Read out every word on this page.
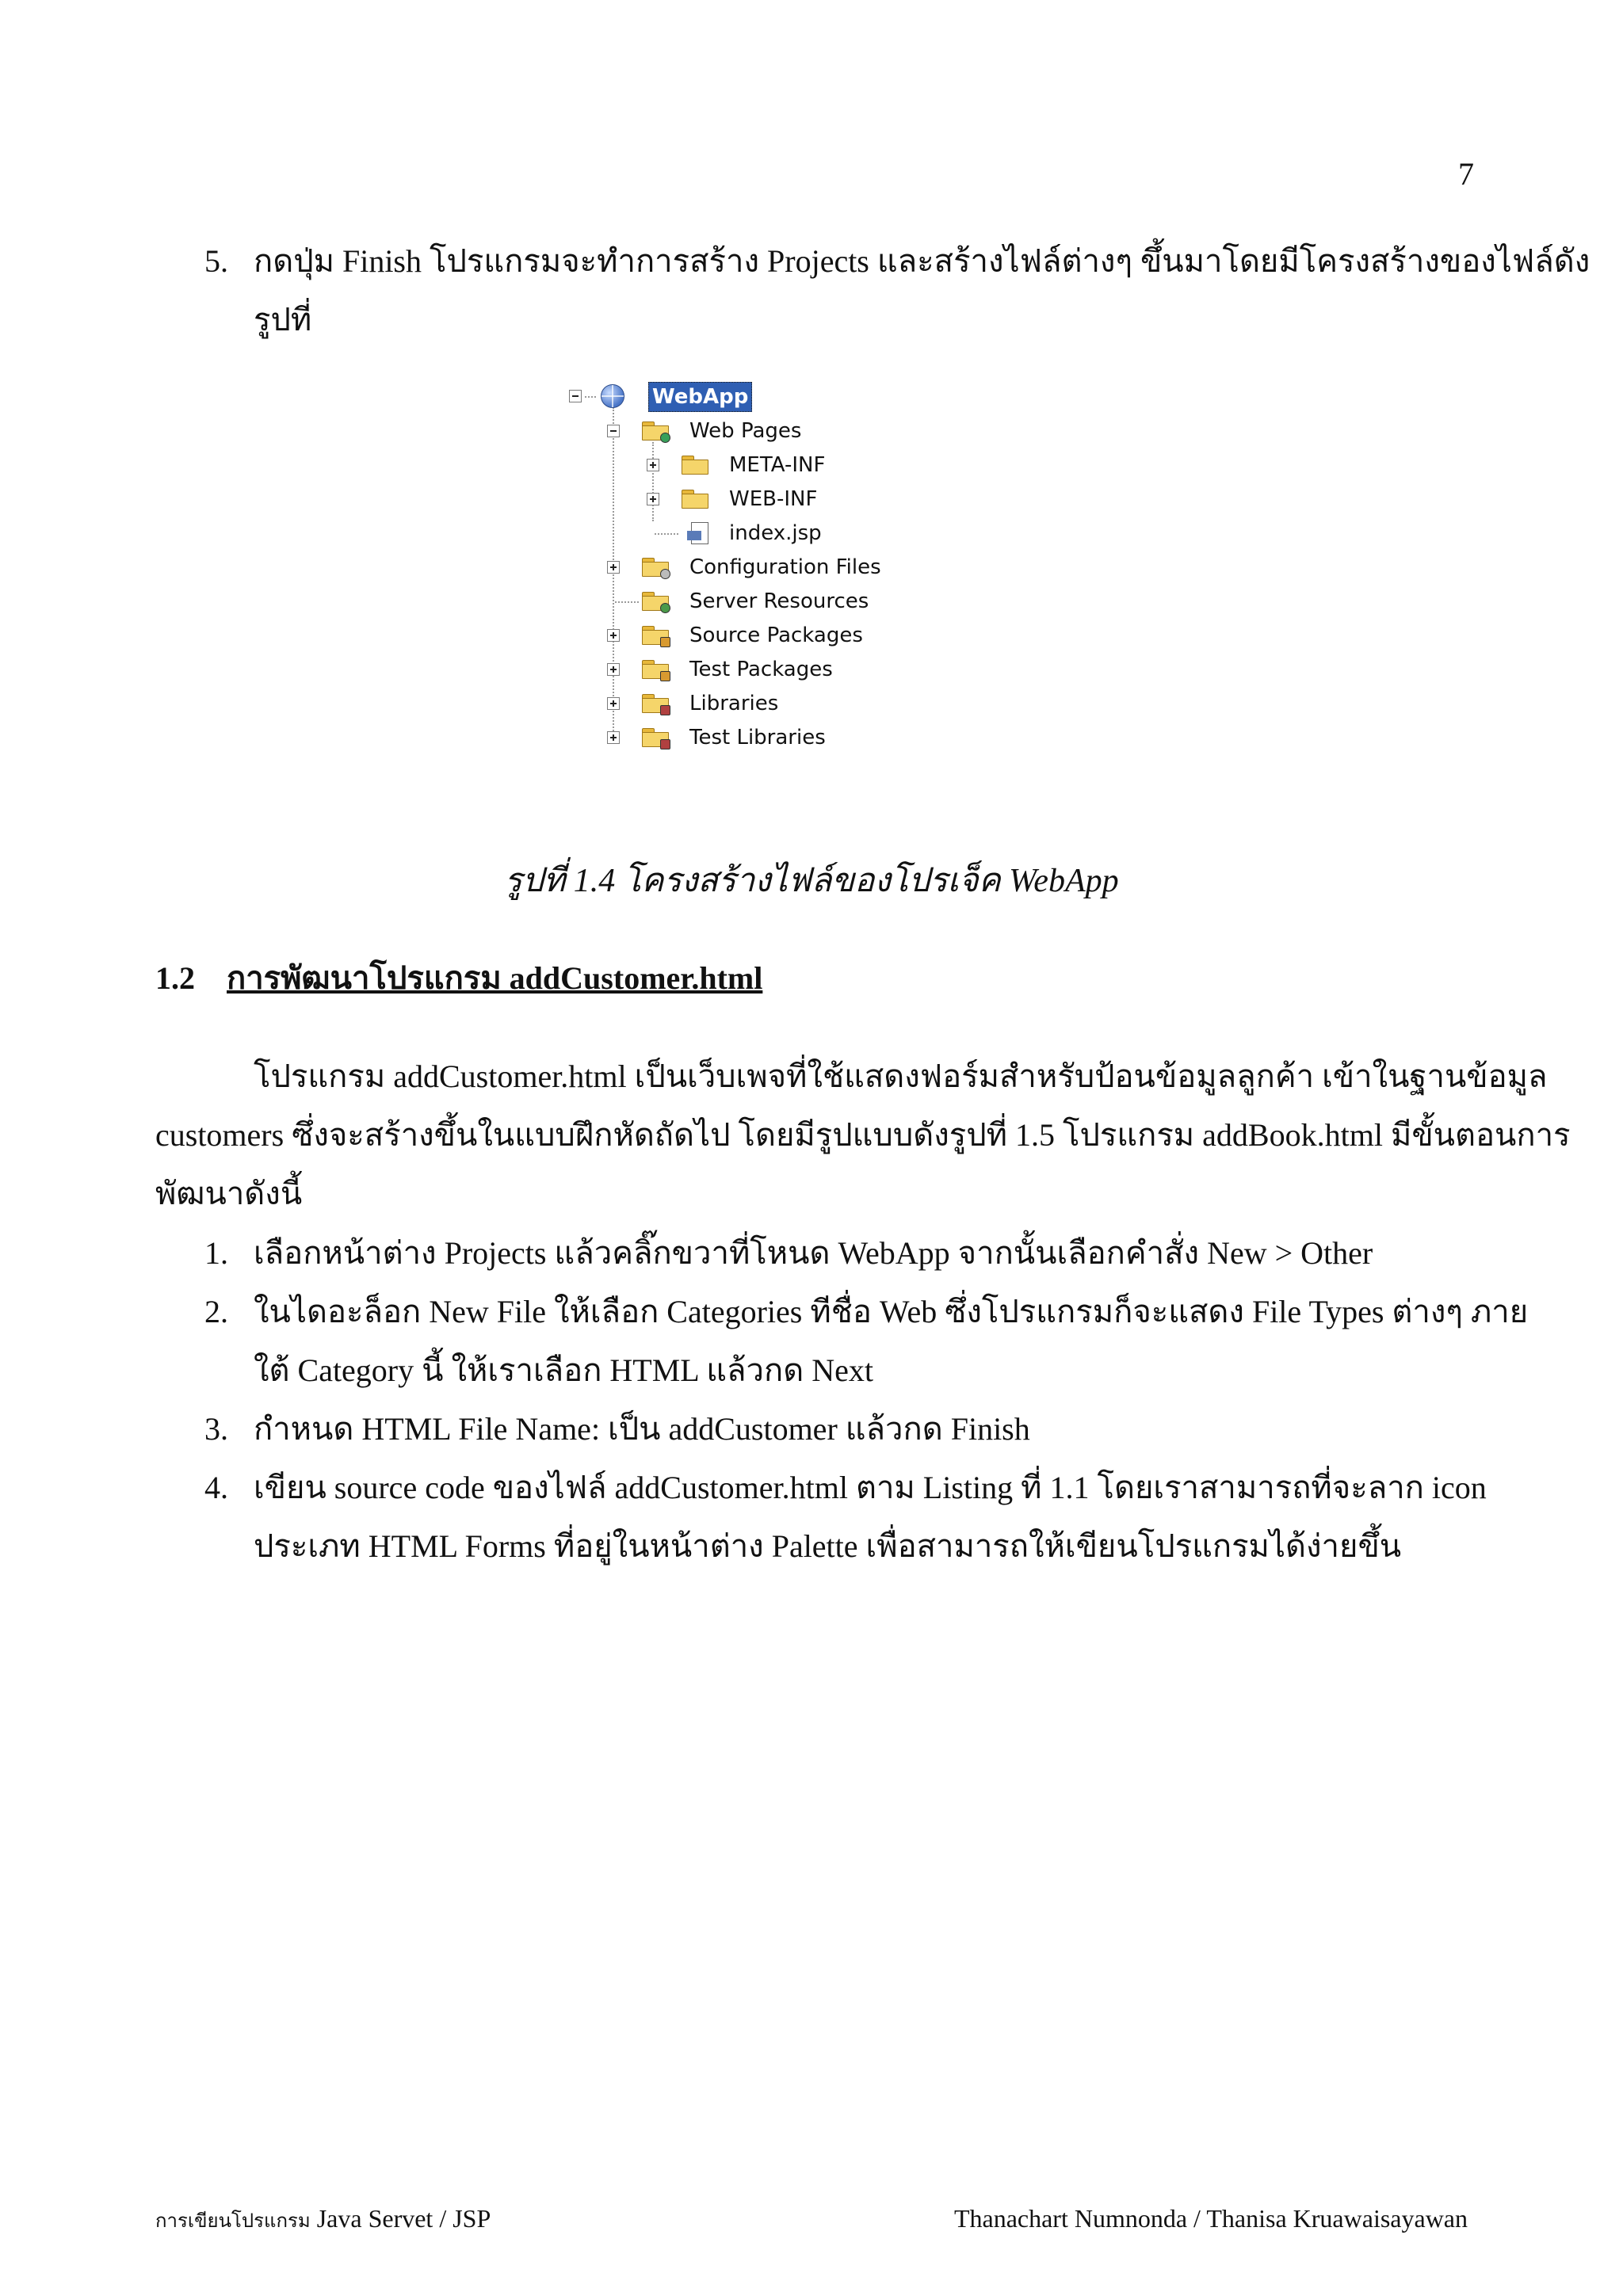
7
5. กดปุ่ม Finish โปรแกรมจะทำการสร้าง Projects และสร้างไฟล์ต่างๆ ขึ้นมาโดยมีโครงสร้างของไฟล์ดัง
รูปที่
WebApp
Web Pages
META-INF
WEB-INF
index.jsp
Configuration Files
Server Resources
Source Packages
Test Packages
Libraries
Test Libraries
รูปที่ 1.4 โครงสร้างไฟล์ของโปรเจ็ค WebApp
1.2 การพัฒนาโปรแกรม addCustomer.html
โปรแกรม addCustomer.html เป็นเว็บเพจที่ใช้แสดงฟอร์มสำหรับป้อนข้อมูลลูกค้า เข้าในฐานข้อมูล
customers ซึ่งจะสร้างขึ้นในแบบฝึกหัดถัดไป โดยมีรูปแบบดังรูปที่ 1.5 โปรแกรม addBook.html มีขั้นตอนการ
พัฒนาดังนี้
1. เลือกหน้าต่าง Projects แล้วคลิ๊กขวาที่โหนด WebApp จากนั้นเลือกคำสั่ง New > Other
2. ในไดอะล็อก New File ให้เลือก Categories ทีชื่อ Web ซึ่งโปรแกรมก็จะแสดง File Types ต่างๆ ภาย
ใต้ Category นี้ ให้เราเลือก HTML แล้วกด Next
3. กำหนด HTML File Name: เป็น addCustomer แล้วกด Finish
4. เขียน source code ของไฟล์ addCustomer.html ตาม Listing ที่ 1.1 โดยเราสามารถที่จะลาก icon
ประเภท HTML Forms ที่อยู่ในหน้าต่าง Palette เพื่อสามารถให้เขียนโปรแกรมได้ง่ายขึ้น
การเขียนโปรแกรม Java Servet / JSP	Thanachart Numnonda / Thanisa Kruawaisayawan
